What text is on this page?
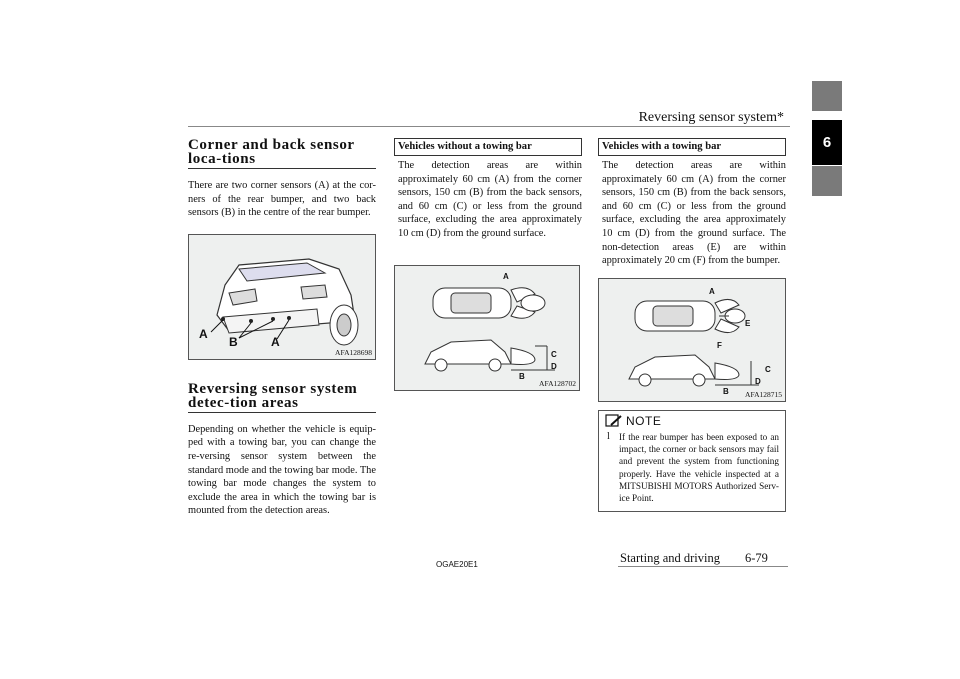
Reversing sensor system*
6
Corner and back sensor loca-tions

There are two corner sensors (A) at the cor-ners of the rear bumper, and two back sensors (B) in the centre of the rear bumper.

A
B	A
AFA128698
Reversing sensor system detec-tion areas

Depending on whether the vehicle is equip-ped with a towing bar, you can change the re-versing sensor system between the standard mode and the towing bar mode. The towing bar mode changes the system to exclude the area in which the towing bar is mounted from the detection areas.

Vehicles without a towing bar

The detection areas are within approximately 60 cm (A) from the corner sensors, 150 cm (B) from the back sensors, and 60 cm (C) or less from the ground surface, excluding the area approximately 10 cm (D) from the ground surface.

A
B
C
D
AFA128702
Vehicles with a towing bar

The detection areas are within approximately 60 cm (A) from the corner sensors, 150 cm (B) from the back sensors, and 60 cm (C) or less from the ground surface, excluding the area approximately 10 cm (D) from the ground surface. The non-detection areas (E) are within approximately 20 cm (F) from the bumper.

A
E
F
B
C
D
AFA128715
NOTE
l	If the rear bumper has been exposed to an impact, the corner or back sensors may fail and prevent the system from functioning properly. Have the vehicle inspected at a MITSUBISHI MOTORS Authorized Serv-ice Point.
OGAE20E1	Starting and driving 6-79
